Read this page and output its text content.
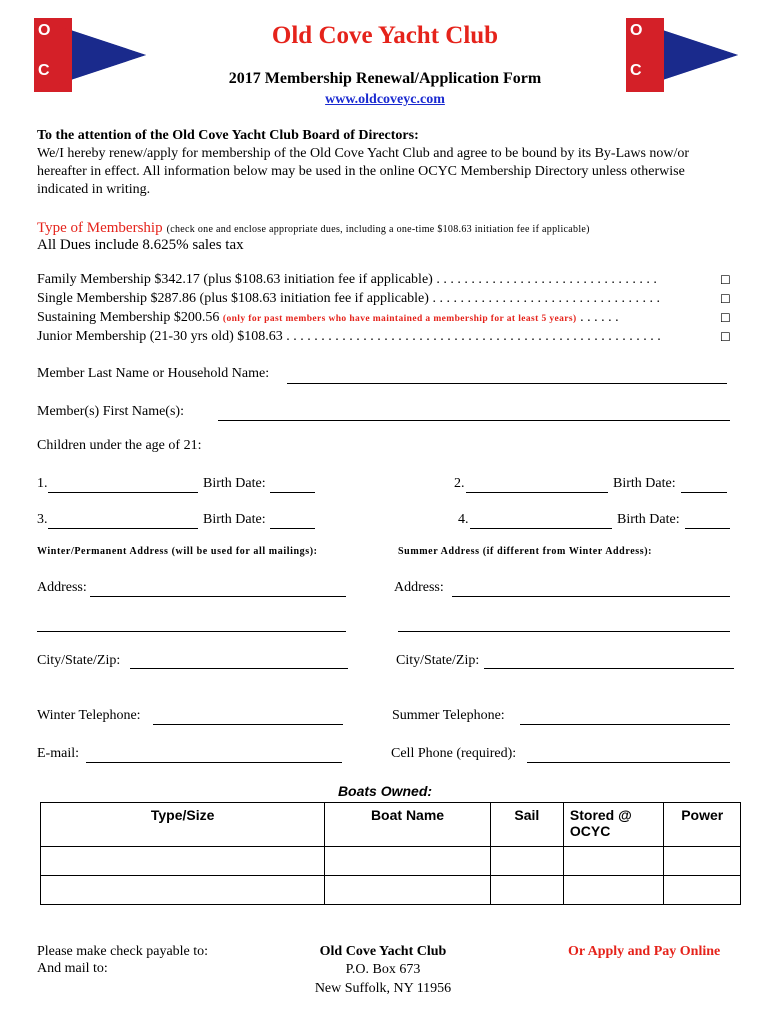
O
C
O
C
Old Cove Yacht Club
2017 Membership Renewal/Application Form
www.oldcoveyc.com
To the attention of the Old Cove Yacht Club Board of Directors:
We/I hereby renew/apply for membership of the Old Cove Yacht Club and agree to be bound by its By-Laws now/or
hereafter in effect. All information below may be used in the online OCYC Membership Directory unless otherwise
indicated in writing.
Type of Membership (check one and enclose appropriate dues, including a one-time $108.63 initiation fee if applicable)
All Dues include 8.625% sales tax
Family Membership $342.17 (plus $108.63 initiation fee if applicable) . . . . . . . . . . . . . . . . . . . . . . . . . . . . . . . .	☐
Single Membership $287.86 (plus $108.63 initiation fee if applicable) . . . . . . . . . . . . . . . . . . . . . . . . . . . . . . . . .	☐
Sustaining Membership $200.56 (only for past members who have maintained a membership for at least 5 years) . . . . . .	☐
Junior Membership (21-30 yrs old) $108.63 . . . . . . . . . . . . . . . . . . . . . . . . . . . . . . . . . . . . . . . . . . . . . . . . . . . . . .	☐
Member Last Name or Household Name:
Member(s) First Name(s):
Children under the age of 21:
1.	Birth Date:	2.	Birth Date:
3.	Birth Date:	4.	Birth Date:
Winter/Permanent Address (will be used for all mailings):	Summer Address (if different from Winter Address):
Address:	Address:
City/State/Zip:	City/State/Zip:
Winter Telephone:	Summer Telephone:
E-mail:	Cell Phone (required):
Boats Owned:
Type/Size	Boat Name	Sail	Stored @ OCYC	Power

Please make check payable to:
And mail to:
Old Cove Yacht Club
P.O. Box 673
New Suffolk, NY 11956
Or Apply and Pay Online
